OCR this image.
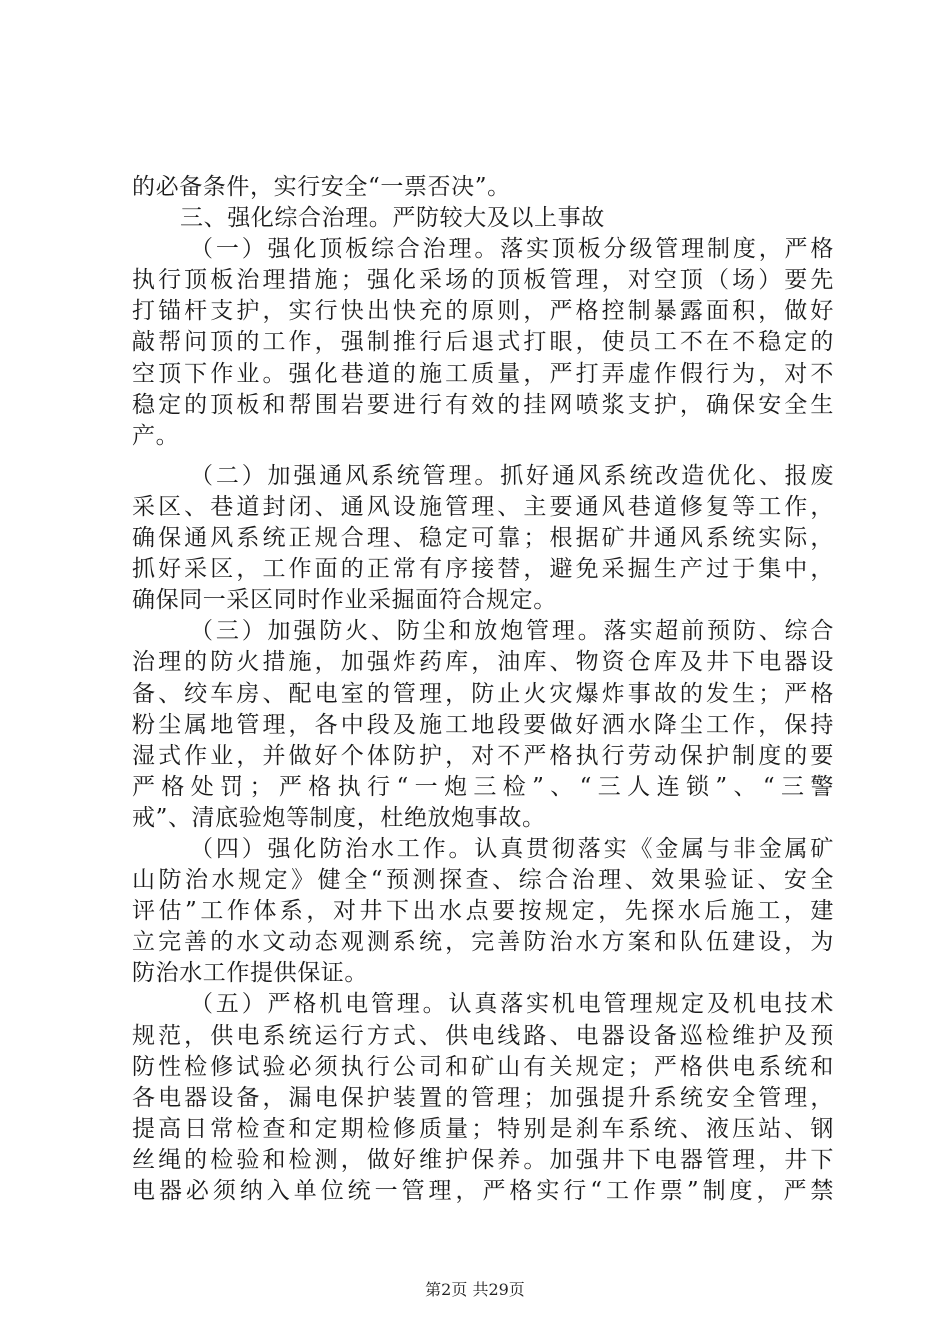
的必备条件，实行安全“一票否决”。
三、强化综合治理。严防较大及以上事故
（一）强化顶板综合治理。落实顶板分级管理制度，严格
执行顶板治理措施；强化采场的顶板管理，对空顶（场）要先
打锚杆支护，实行快出快充的原则，严格控制暴露面积，做好
敲帮问顶的工作，强制推行后退式打眼，使员工不在不稳定的
空顶下作业。强化巷道的施工质量，严打弄虚作假行为，对不
稳定的顶板和帮围岩要进行有效的挂网喷浆支护，确保安全生
产。
（二）加强通风系统管理。抓好通风系统改造优化、报废
采区、巷道封闭、通风设施管理、主要通风巷道修复等工作，
确保通风系统正规合理、稳定可靠；根据矿井通风系统实际，
抓好采区，工作面的正常有序接替，避免采掘生产过于集中，
确保同一采区同时作业采掘面符合规定。
（三）加强防火、防尘和放炮管理。落实超前预防、综合
治理的防火措施，加强炸药库，油库、物资仓库及井下电器设
备、绞车房、配电室的管理，防止火灾爆炸事故的发生；严格
粉尘属地管理，各中段及施工地段要做好洒水降尘工作，保持
湿式作业，并做好个体防护，对不严格执行劳动保护制度的要
严格处罚；严格执行“一炮三检”、“三人连锁”、“三警
戒”、清底验炮等制度，杜绝放炮事故。
（四）强化防治水工作。认真贯彻落实《金属与非金属矿
山防治水规定》健全“预测探查、综合治理、效果验证、安全
评估”工作体系，对井下出水点要按规定，先探水后施工，建
立完善的水文动态观测系统，完善防治水方案和队伍建设，为
防治水工作提供保证。
（五）严格机电管理。认真落实机电管理规定及机电技术
规范，供电系统运行方式、供电线路、电器设备巡检维护及预
防性检修试验必须执行公司和矿山有关规定；严格供电系统和
各电器设备，漏电保护装置的管理；加强提升系统安全管理，
提高日常检查和定期检修质量；特别是刹车系统、液压站、钢
丝绳的检验和检测，做好维护保养。加强井下电器管理，井下
电器必须纳入单位统一管理，严格实行“工作票”制度，严禁
第2页 共29页
